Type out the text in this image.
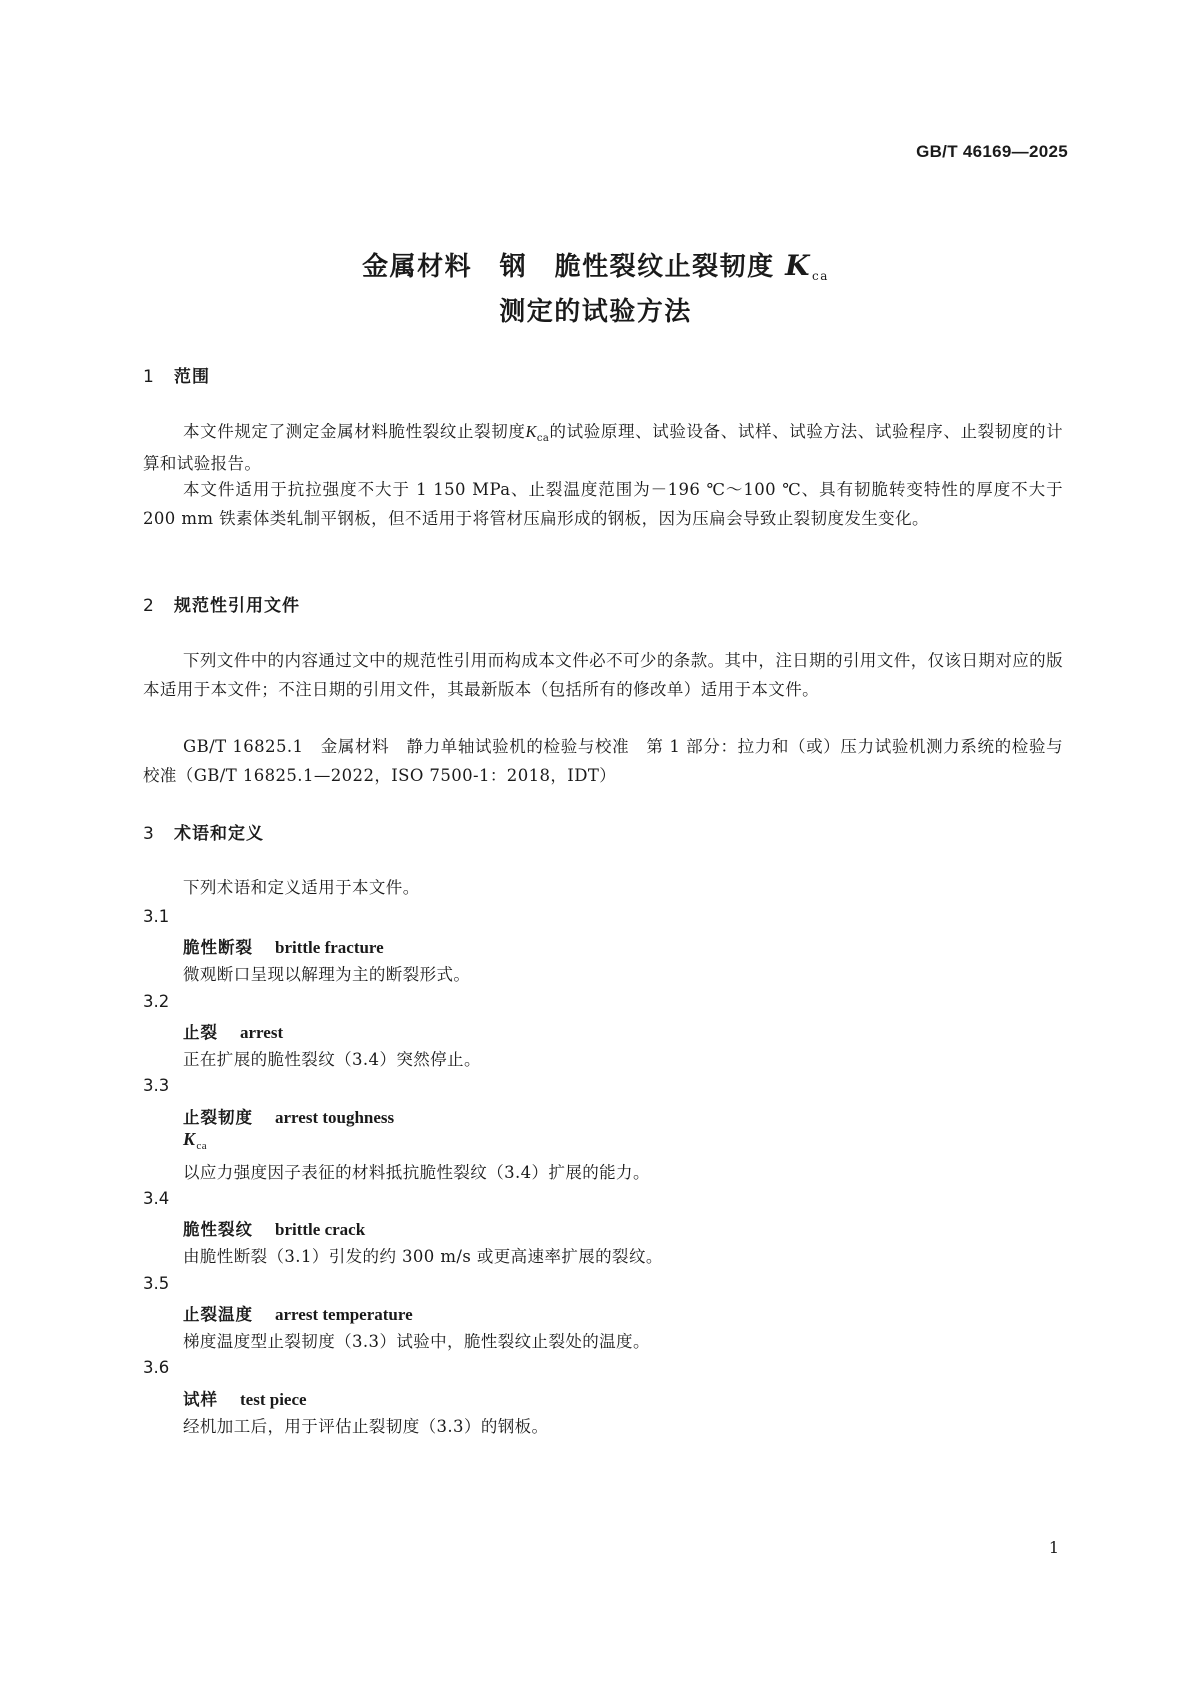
GB/T 46169—2025
金属材料　钢　脆性裂纹止裂韧度 Kca
测定的试验方法
1 范围
本文件规定了测定金属材料脆性裂纹止裂韧度$K_{ca}$的试验原理、试验设备、试样、试验方法、试验程序、止裂韧度的计算和试验报告。
本文件适用于抗拉强度不大于 1 150 MPa、止裂温度范围为－196 ℃～100 ℃、具有韧脆转变特性的厚度不大于 200 mm 铁素体类轧制平钢板，但不适用于将管材压扁形成的钢板，因为压扁会导致止裂韧度发生变化。
2 规范性引用文件
下列文件中的内容通过文中的规范性引用而构成本文件必不可少的条款。其中，注日期的引用文件，仅该日期对应的版本适用于本文件；不注日期的引用文件，其最新版本（包括所有的修改单）适用于本文件。
GB/T 16825.1　金属材料　静力单轴试验机的检验与校准　第 1 部分：拉力和（或）压力试验机测力系统的检验与校准（GB/T 16825.1—2022，ISO 7500-1：2018，IDT）
3 术语和定义
下列术语和定义适用于本文件。
3.1
脆性断裂 brittle fracture
微观断口呈现以解理为主的断裂形式。
3.2
止裂 arrest
正在扩展的脆性裂纹（3.4）突然停止。
3.3
止裂韧度 arrest toughness
$K_{ca}$
以应力强度因子表征的材料抵抗脆性裂纹（3.4）扩展的能力。
3.4
脆性裂纹 brittle crack
由脆性断裂（3.1）引发的约 300 m/s 或更高速率扩展的裂纹。
3.5
止裂温度 arrest temperature
梯度温度型止裂韧度（3.3）试验中，脆性裂纹止裂处的温度。
3.6
试样 test piece
经机加工后，用于评估止裂韧度（3.3）的钢板。
1
